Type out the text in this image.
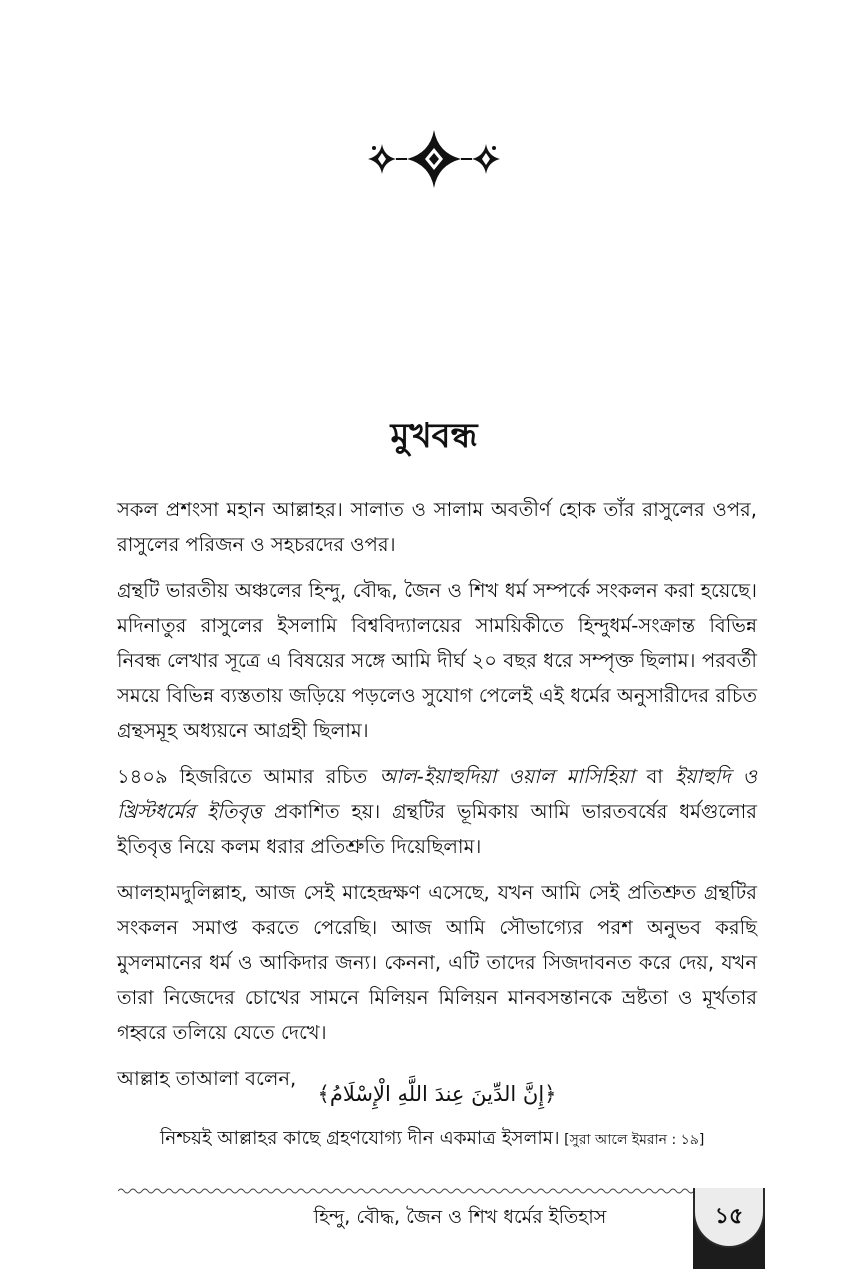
মুখবন্ধ

সকল প্রশংসা মহান আল্লাহর। সালাত ও সালাম অবতীর্ণ হোক তাঁর রাসুলের ওপর, রাসুলের পরিজন ও সহচরদের ওপর।

গ্রন্থটি ভারতীয় অঞ্চলের হিন্দু, বৌদ্ধ, জৈন ও শিখ ধর্ম সম্পর্কে সংকলন করা হয়েছে। মদিনাতুর রাসুলের ইসলামি বিশ্ববিদ্যালয়ের সাময়িকীতে হিন্দুধর্ম-সংক্রান্ত বিভিন্ন নিবন্ধ লেখার সূত্রে এ বিষয়ের সঙ্গে আমি দীর্ঘ ২০ বছর ধরে সম্পৃক্ত ছিলাম। পরবর্তী সময়ে বিভিন্ন ব্যস্ততায় জড়িয়ে পড়লেও সুযোগ পেলেই এই ধর্মের অনুসারীদের রচিত গ্রন্থসমূহ অধ্যয়নে আগ্রহী ছিলাম।

১৪০৯ হিজরিতে আমার রচিত আল-ইয়াহুদিয়া ওয়াল মাসিহিয়া বা ইয়াহুদি ও খ্রিস্টধর্মের ইতিবৃত্ত প্রকাশিত হয়। গ্রন্থটির ভূমিকায় আমি ভারতবর্ষের ধর্মগুলোর ইতিবৃত্ত নিয়ে কলম ধরার প্রতিশ্রুতি দিয়েছিলাম।

আলহামদুলিল্লাহ, আজ সেই মাহেন্দ্রক্ষণ এসেছে, যখন আমি সেই প্রতিশ্রুত গ্রন্থটির সংকলন সমাপ্ত করতে পেরেছি। আজ আমি সৌভাগ্যের পরশ অনুভব করছি মুসলমানের ধর্ম ও আকিদার জন্য। কেননা, এটি তাদের সিজদাবনত করে দেয়, যখন তারা নিজেদের চোখের সামনে মিলিয়ন মিলিয়ন মানবসন্তানকে ভ্রষ্টতা ও মূর্খতার গহ্বরে তলিয়ে যেতে দেখে।

আল্লাহ তাআলা বলেন,

﴿إِنَّ الدِّينَ عِندَ اللَّهِ الْإِسْلَامُ﴾
নিশ্চয়ই আল্লাহর কাছে গ্রহণযোগ্য দীন একমাত্র ইসলাম। [সুরা আলে ইমরান : ১৯]
হিন্দু, বৌদ্ধ, জৈন ও শিখ ধর্মের ইতিহাস	১৫
